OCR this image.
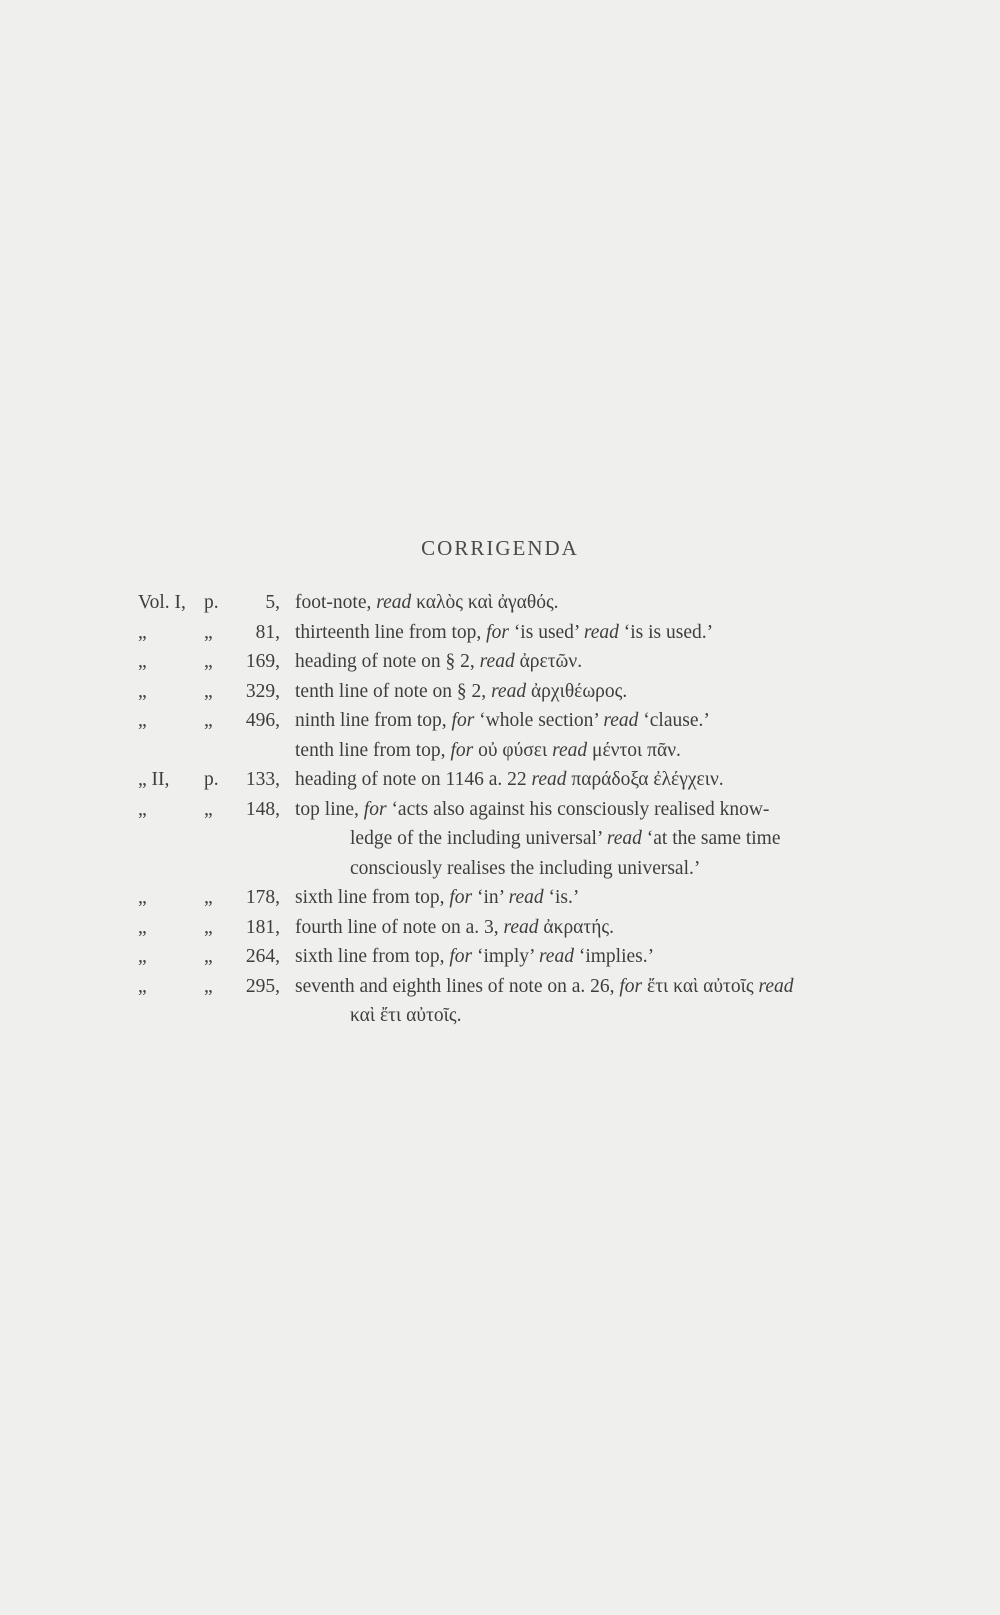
CORRIGENDA
Vol. I, p.	5, foot-note, read καλὸς καὶ ἀγαθός.
„	„	81, thirteenth line from top, for ‘is used’ read ‘is is used.’
„	„	169, heading of note on § 2, read ἀρετῶν.
„	„	329, tenth line of note on § 2, read ἀρχιθέωρος.
„	„	496, ninth line from top, for ‘whole section’ read ‘clause.’
tenth line from top, for οὐ φύσει read μέντοι πᾶν.
„ II,	p.	133, heading of note on 1146 a. 22 read παράδοξα ἐλέγχειν.
„	„	148, top line, for ‘acts also against his consciously realised know-
ledge of the including universal’ read ‘at the same time
consciously realises the including universal.’
„	„	178, sixth line from top, for ‘in’ read ‘is.’
„	„	181, fourth line of note on a. 3, read ἀκρατής.
„	„	264, sixth line from top, for ‘imply’ read ‘implies.’
„	„	295, seventh and eighth lines of note on a. 26, for ἔτι καὶ αὐτοῖς read
καὶ ἔτι αὐτοῖς.
